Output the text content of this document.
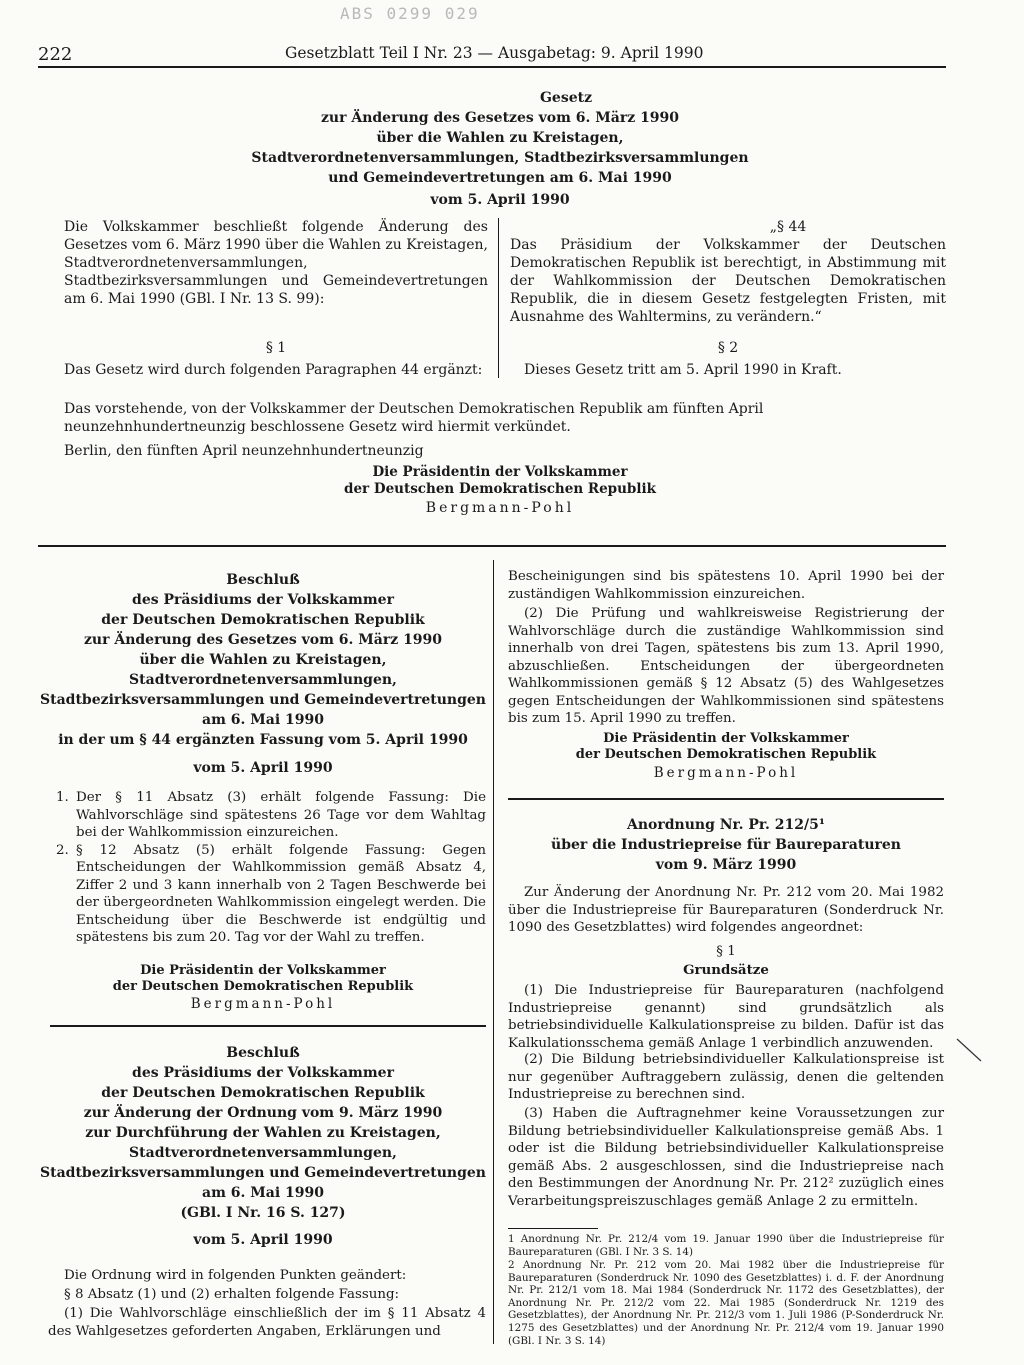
ABS 0299 029
222	Gesetzblatt Teil I Nr. 23 — Ausgabetag: 9. April 1990
Gesetz
zur Änderung des Gesetzes vom 6. März 1990
über die Wahlen zu Kreistagen,
Stadtverordnetenversammlungen, Stadtbezirksversammlungen
und Gemeindevertretungen am 6. Mai 1990
vom 5. April 1990
Die Volkskammer beschließt folgende Änderung des Gesetzes vom 6. März 1990 über die Wahlen zu Kreistagen, Stadtverordnetenversammlungen, Stadtbezirksversammlungen und Gemeindevertretungen am 6. Mai 1990 (GBl. I Nr. 13 S. 99):
§ 1
Das Gesetz wird durch folgenden Paragraphen 44 ergänzt:
„§ 44
Das Präsidium der Volkskammer der Deutschen Demokratischen Republik ist berechtigt, in Abstimmung mit der Wahlkommission der Deutschen Demokratischen Republik, die in diesem Gesetz festgelegten Fristen, mit Ausnahme des Wahltermins, zu verändern.“
§ 2
Dieses Gesetz tritt am 5. April 1990 in Kraft.
Das vorstehende, von der Volkskammer der Deutschen Demokratischen Republik am fünften April neunzehnhundertneunzig beschlossene Gesetz wird hiermit verkündet.
Berlin, den fünften April neunzehnhundertneunzig
Die Präsidentin der Volkskammer
der Deutschen Demokratischen Republik
Bergmann-Pohl
Beschluß
des Präsidiums der Volkskammer
der Deutschen Demokratischen Republik
zur Änderung des Gesetzes vom 6. März 1990
über die Wahlen zu Kreistagen,
Stadtverordnetenversammlungen,
Stadtbezirksversammlungen und Gemeindevertretungen
am 6. Mai 1990
in der um § 44 ergänzten Fassung vom 5. April 1990
vom 5. April 1990
1. Der § 11 Absatz (3) erhält folgende Fassung: Die Wahlvorschläge sind spätestens 26 Tage vor dem Wahltag bei der Wahlkommission einzureichen.
2. § 12 Absatz (5) erhält folgende Fassung: Gegen Entscheidungen der Wahlkommission gemäß Absatz 4, Ziffer 2 und 3 kann innerhalb von 2 Tagen Beschwerde bei der übergeordneten Wahlkommission eingelegt werden. Die Entscheidung über die Beschwerde ist endgültig und spätestens bis zum 20. Tag vor der Wahl zu treffen.
Die Präsidentin der Volkskammer
der Deutschen Demokratischen Republik
Bergmann-Pohl
Beschluß
des Präsidiums der Volkskammer
der Deutschen Demokratischen Republik
zur Änderung der Ordnung vom 9. März 1990
zur Durchführung der Wahlen zu Kreistagen,
Stadtverordnetenversammlungen,
Stadtbezirksversammlungen und Gemeindevertretungen
am 6. Mai 1990
(GBl. I Nr. 16 S. 127)
vom 5. April 1990
Die Ordnung wird in folgenden Punkten geändert:
§ 8 Absatz (1) und (2) erhalten folgende Fassung:
(1) Die Wahlvorschläge einschließlich der im § 11 Absatz 4 des Wahlgesetzes geforderten Angaben, Erklärungen und
Bescheinigungen sind bis spätestens 10. April 1990 bei der zuständigen Wahlkommission einzureichen.
(2) Die Prüfung und wahlkreisweise Registrierung der Wahlvorschläge durch die zuständige Wahlkommission sind innerhalb von drei Tagen, spätestens bis zum 13. April 1990, abzuschließen. Entscheidungen der übergeordneten Wahlkommissionen gemäß § 12 Absatz (5) des Wahlgesetzes gegen Entscheidungen der Wahlkommissionen sind spätestens bis zum 15. April 1990 zu treffen.
Die Präsidentin der Volkskammer
der Deutschen Demokratischen Republik
Bergmann-Pohl
Anordnung Nr. Pr. 212/5¹
über die Industriepreise für Baureparaturen
vom 9. März 1990
Zur Änderung der Anordnung Nr. Pr. 212 vom 20. Mai 1982 über die Industriepreise für Baureparaturen (Sonderdruck Nr. 1090 des Gesetzblattes) wird folgendes angeordnet:
§ 1
Grundsätze
(1) Die Industriepreise für Baureparaturen (nachfolgend Industriepreise genannt) sind grundsätzlich als betriebsindividuelle Kalkulationspreise zu bilden. Dafür ist das Kalkulationsschema gemäß Anlage 1 verbindlich anzuwenden.
(2) Die Bildung betriebsindividueller Kalkulationspreise ist nur gegenüber Auftraggebern zulässig, denen die geltenden Industriepreise zu berechnen sind.
(3) Haben die Auftragnehmer keine Voraussetzungen zur Bildung betriebsindividueller Kalkulationspreise gemäß Abs. 1 oder ist die Bildung betriebsindividueller Kalkulationspreise gemäß Abs. 2 ausgeschlossen, sind die Industriepreise nach den Bestimmungen der Anordnung Nr. Pr. 212² zuzüglich eines Verarbeitungspreiszuschlages gemäß Anlage 2 zu ermitteln.
1 Anordnung Nr. Pr. 212/4 vom 19. Januar 1990 über die Industriepreise für Baureparaturen (GBl. I Nr. 3 S. 14)
2 Anordnung Nr. Pr. 212 vom 20. Mai 1982 über die Industriepreise für Baureparaturen (Sonderdruck Nr. 1090 des Gesetzblattes) i. d. F. der Anordnung Nr. Pr. 212/1 vom 18. Mai 1984 (Sonderdruck Nr. 1172 des Gesetzblattes), der Anordnung Nr. Pr. 212/2 vom 22. Mai 1985 (Sonderdruck Nr. 1219 des Gesetzblattes), der Anordnung Nr. Pr. 212/3 vom 1. Juli 1986 (P-Sonderdruck Nr. 1275 des Gesetzblattes) und der Anordnung Nr. Pr. 212/4 vom 19. Januar 1990 (GBl. I Nr. 3 S. 14)
